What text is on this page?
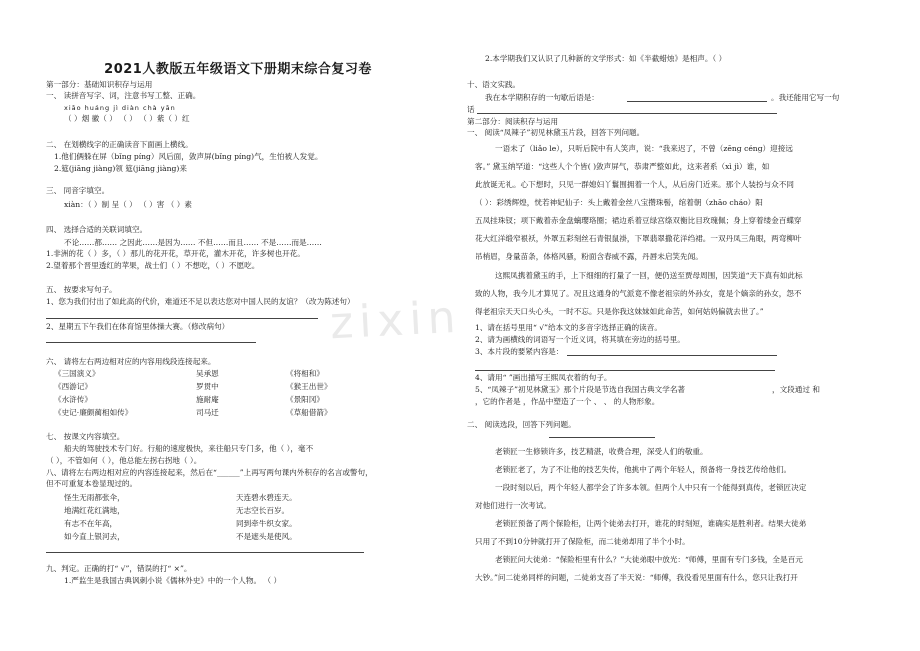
2021人教版五年级语文下册期末综合复习卷
第一部分：基础知识积存与运用
一、 读拼音写字、词，注意书写工整、正确。
xiāo huáng jì diàn chà yān
（ ）烟 徽（ ） （ ） （ ）紫（ ）红
二、 在划横线字的正确读音下面画上横线。
1.他们俩躲在屏（bǐng píng）风后面，敛声屏(bǐng píng)气，生怕被人发觉。
2.筵(jiāng jiàng)领 筵(jiāng jiàng)来
三、 同音字填空。
xiàn：（ ）制 呈（ ） （ ）害 （ ）素
四、 选择合适的关联词填空。
不论……都…… 之因此……是因为…… 不但……而且…… 不是……而是……
1.非洲的花（ ）多，（ ）那儿的花开花，草开花，灌木开花，许多树也开花。
2.望着那个晋里透红的苹果，战士们（ ）不想吃，（ ）不愿吃。
五、 按要求写句子。
1、您为我们付出了如此高的代价，难道还不足以表达您对中国人民的友谊？（改为陈述句）
2、星期五下午我们在体育馆里体操大赛。（修改病句）
六、 请将左右两边相对应的内容用线段连接起来。
《三国演义》	吴承恩	《将相和》
《西游记》	罗贯中	《猴王出世》
《水浒传》	施耐庵	《景阳冈》
《史记·廉颇蔺相如传》	司马迁	《草船借箭》
七、 按课文内容填空。
船夫的驾驶技术专门好。行船的速度极快，来往船只专门多，他（ ），毫不
（ ），不管如何（ ），他总能左拐右拐地（ ）。
八、请将左右两边相对应的内容连接起来，然后在“______”上再写两句课内外积存的名言或警句，
但不可重复本卷显现过的。
怪生无雨都张伞，	天连碧水碧连天。
地满红花红满地，	无志空长百岁。
有志不在年高，	同到牵牛织女家。
如今直上银河去，	不是遮头是使风。
九、判定。正确的打“ √”，错误的打“ ×”。
1.严监生是我国古典讽刺小说《儒林外史》中的一个人物。 （ ）
2.本学期我们又认识了几种新的文学形式：如《半截蜡烛》是相声。（ ）
十、语文实践。
我在本学期积存的一句歇后语是：	。我还能用它写一句
话
第二部分：阅读积存与运用
一、 阅读“凤辣子”初见林黛玉片段，回答下列问题。
一语未了（liǎo le），只听后院中有人笑声，说：“我来迟了，不曾（zēng céng）迎接远
客。” 黛玉纳罕道：“这些人个个皆( )敛声屏气，恭肃严整如此，这来者系（xì jì）谁，如
此放诞无礼。心下想时，只见一群媳妇丫鬟围拥着一个人，从后房门近来。那个人装扮与众不同
（ ）：彩绣辉煌，恍若神妃仙子：头上戴着金丝八宝攒珠髻，绾着朝（zhāo cháo）阳
五凤挂珠钗；项下戴着赤金盘螭璎珞圈；裙边系着豆绿宫绦双衡比目玫瑰佩；身上穿着缕金百蝶穿
花大红洋缎窄裉袄，外罩五彩刻丝石青银鼠褂，下罩翡翠撒花洋绉裙。一双丹凤三角眼，两弯柳叶
吊梢眉，身量苗条，体格风骚，粉面含春威不露，丹唇未启笑先闻。
这熙凤携着黛玉的手，上下细细的打量了一回，便仍送至贾母周围，因笑道“天下真有如此标
致的人物，我今儿才算见了。况且这通身的气派竟不像老祖宗的外孙女，竟是个嫡亲的孙女，怨不
得老祖宗天天口头心头，一时不忘。只是你我这妹妹如此命苦，如何姑妈偏就去世了。”
1、请在括号里用“ √”给本文的多音字选择正确的读音。
2、请为画横线的词语写一个近义词，将其填在旁边的括号里。
3、本片段的要紧内容是：
4、请用“ ”画出描写王熙凤衣着的句子。
5、“凤辣子”初见林黛玉》那个片段是节选自我国古典文学名著	，文段通过 和
，它的作者是 ，作品中塑造了一个 、 、 的人物形象。
二、 阅读选段，回答下列问题。
老锁匠一生修锁许多，技艺精湛，收费合理，深受人们的敬重。
老锁匠老了，为了不让他的技艺失传，他挑中了两个年轻人，预备将一身技艺传给他们。
一段时刻以后，两个年轻人都学会了许多本领。但两个人中只有一个能得到真传，老锁匠决定
对他们进行一次考试。
老锁匠预备了两个保险柜，让两个徒弟去打开，谁花的时刻短，谁确实是胜利者。结果大徒弟
只用了不到10分钟就打开了保险柜，而二徒弟却用了半个小时。
老锁匠问大徒弟：“保险柜里有什么？”大徒弟眼中放光：“师傅，里面有专门多钱，全是百元
大钞。”问二徒弟同样的问题，二徒弟支吾了半天说：“师傅，我没看见里面有什么，您只让我打开
zixin
